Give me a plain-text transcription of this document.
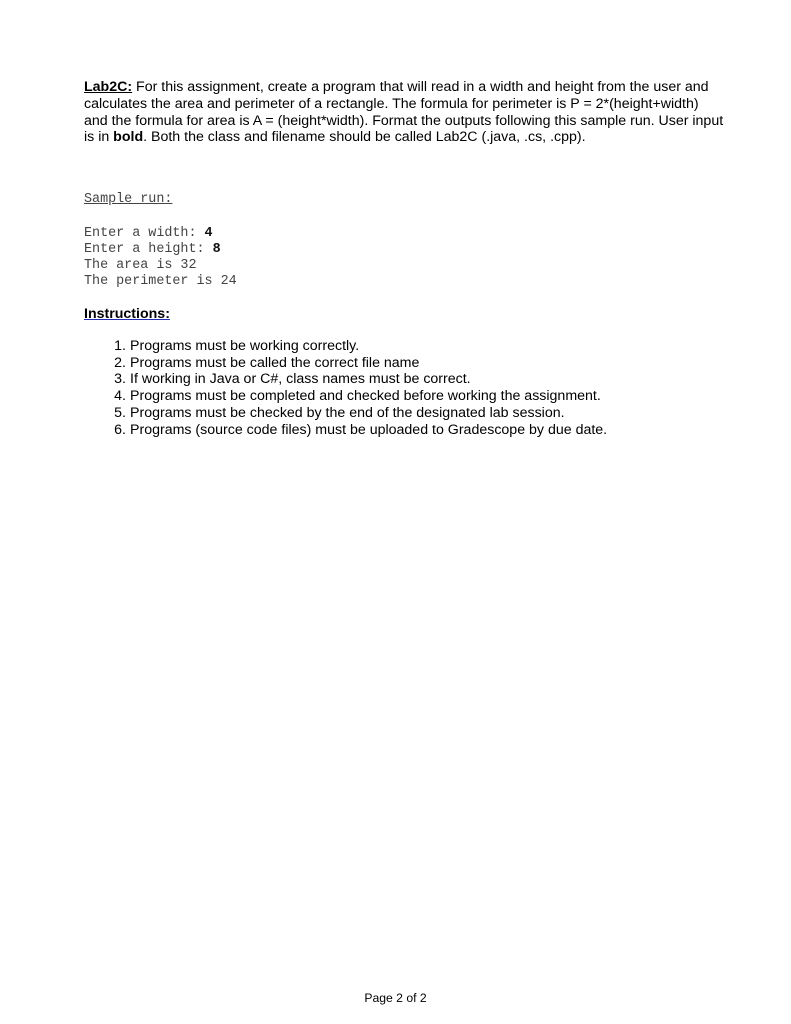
Lab2C: For this assignment, create a program that will read in a width and height from the user and calculates the area and perimeter of a rectangle. The formula for perimeter is P = 2*(height+width) and the formula for area is A = (height*width). Format the outputs following this sample run. User input is in bold. Both the class and filename should be called Lab2C (.java, .cs, .cpp).
Sample run:
Enter a width: 4
Enter a height: 8
The area is 32
The perimeter is 24
Instructions:
1. Programs must be working correctly.
2. Programs must be called the correct file name
3. If working in Java or C#, class names must be correct.
4. Programs must be completed and checked before working the assignment.
5. Programs must be checked by the end of the designated lab session.
6. Programs (source code files) must be uploaded to Gradescope by due date.
Page 2 of 2
